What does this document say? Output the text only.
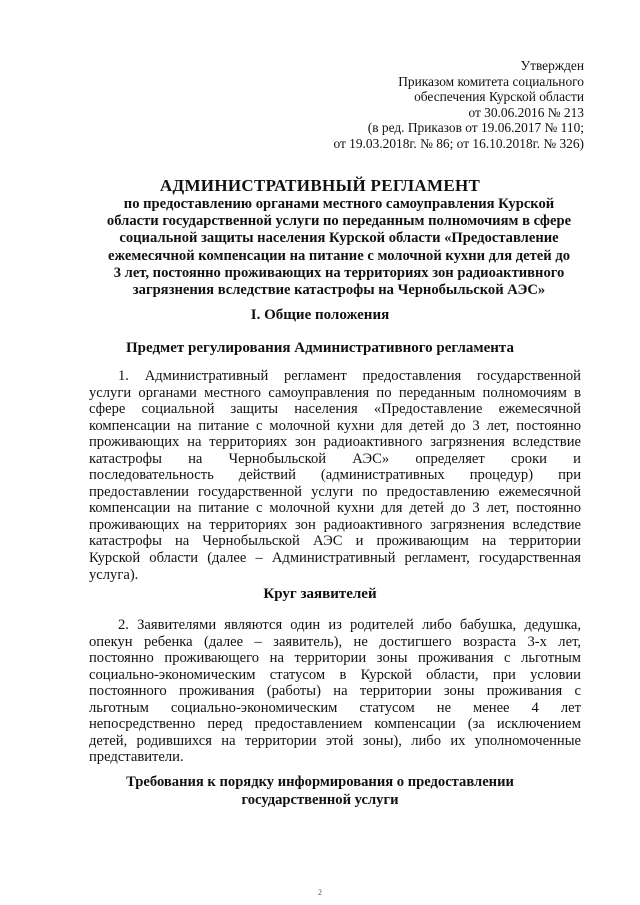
Утвержден
Приказом комитета социального
обеспечения Курской области
от 30.06.2016 № 213
(в ред. Приказов от 19.06.2017 № 110;
от 19.03.2018г. № 86; от 16.10.2018г. № 326)
АДМИНИСТРАТИВНЫЙ РЕГЛАМЕНТ
по предоставлению органами местного самоуправления Курской
области государственной услуги по переданным полномочиям в сфере
социальной защиты населения Курской области «Предоставление
ежемесячной компенсации на питание с молочной кухни для детей до
3 лет, постоянно проживающих на территориях зон радиоактивного
загрязнения вследствие катастрофы на Чернобыльской АЭС»
I. Общие положения
Предмет регулирования Административного регламента
1. Административный регламент предоставления государственной
услуги органами местного самоуправления по переданным полномочиям в
сфере социальной защиты населения «Предоставление ежемесячной
компенсации на питание с молочной кухни для детей до 3 лет, постоянно
проживающих на территориях зон радиоактивного загрязнения вследствие
катастрофы на Чернобыльской АЭС» определяет сроки и
последовательность действий (административных процедур) при
предоставлении государственной услуги по предоставлению ежемесячной
компенсации на питание с молочной кухни для детей до 3 лет, постоянно
проживающих на территориях зон радиоактивного загрязнения вследствие
катастрофы на Чернобыльской АЭС и проживающим на территории
Курской области (далее – Административный регламент, государственная
услуга).
Круг заявителей
2. Заявителями являются один из родителей либо бабушка, дедушка,
опекун ребенка (далее – заявитель), не достигшего возраста 3-х лет,
постоянно проживающего на территории зоны проживания с льготным
социально-экономическим статусом в Курской области, при условии
постоянного проживания (работы) на территории зоны проживания с
льготным социально-экономическим статусом не менее 4 лет
непосредственно перед предоставлением компенсации (за исключением
детей, родившихся на территории этой зоны), либо их уполномоченные
представители.
Требования к порядку информирования о предоставлении
государственной услуги
2
